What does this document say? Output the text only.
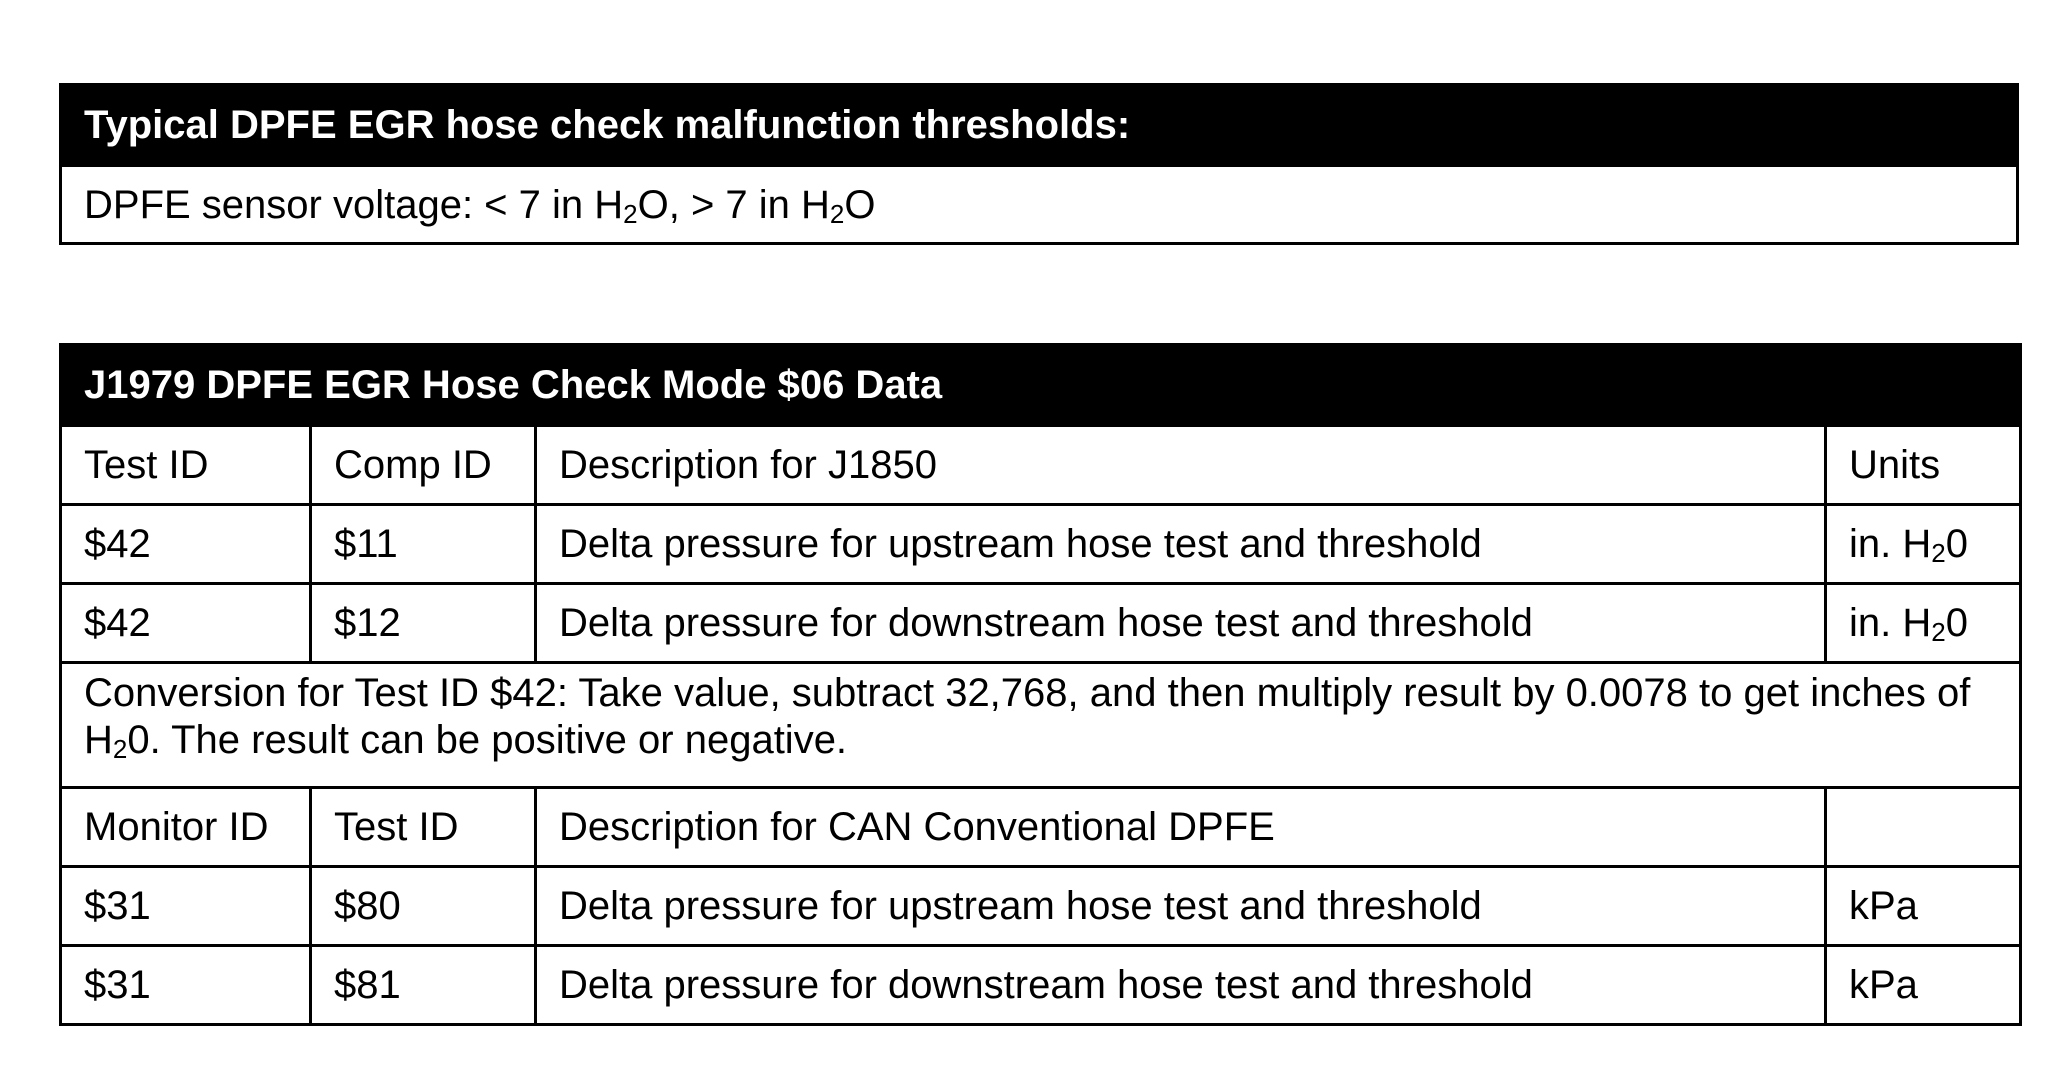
Typical DPFE EGR hose check malfunction thresholds:
DPFE sensor voltage: < 7 in $H_2O$, > 7 in $H_2O$
J1979 DPFE EGR Hose Check Mode $06 Data			
Test ID	Comp ID	Description for J1850	Units
$42	$11	Delta pressure for upstream hose test and threshold	in. $H_20$
$42	$12	Delta pressure for downstream hose test and threshold	in. $H_20$
Conversion for Test ID $42: Take value, subtract 32,768, and then multiply result by 0.0078 to get inches of $H_20$. The result can be positive or negative.			
Monitor ID	Test ID	Description for CAN Conventional DPFE	
$31	$80	Delta pressure for upstream hose test and threshold	kPa
$31	$81	Delta pressure for downstream hose test and threshold	kPa
